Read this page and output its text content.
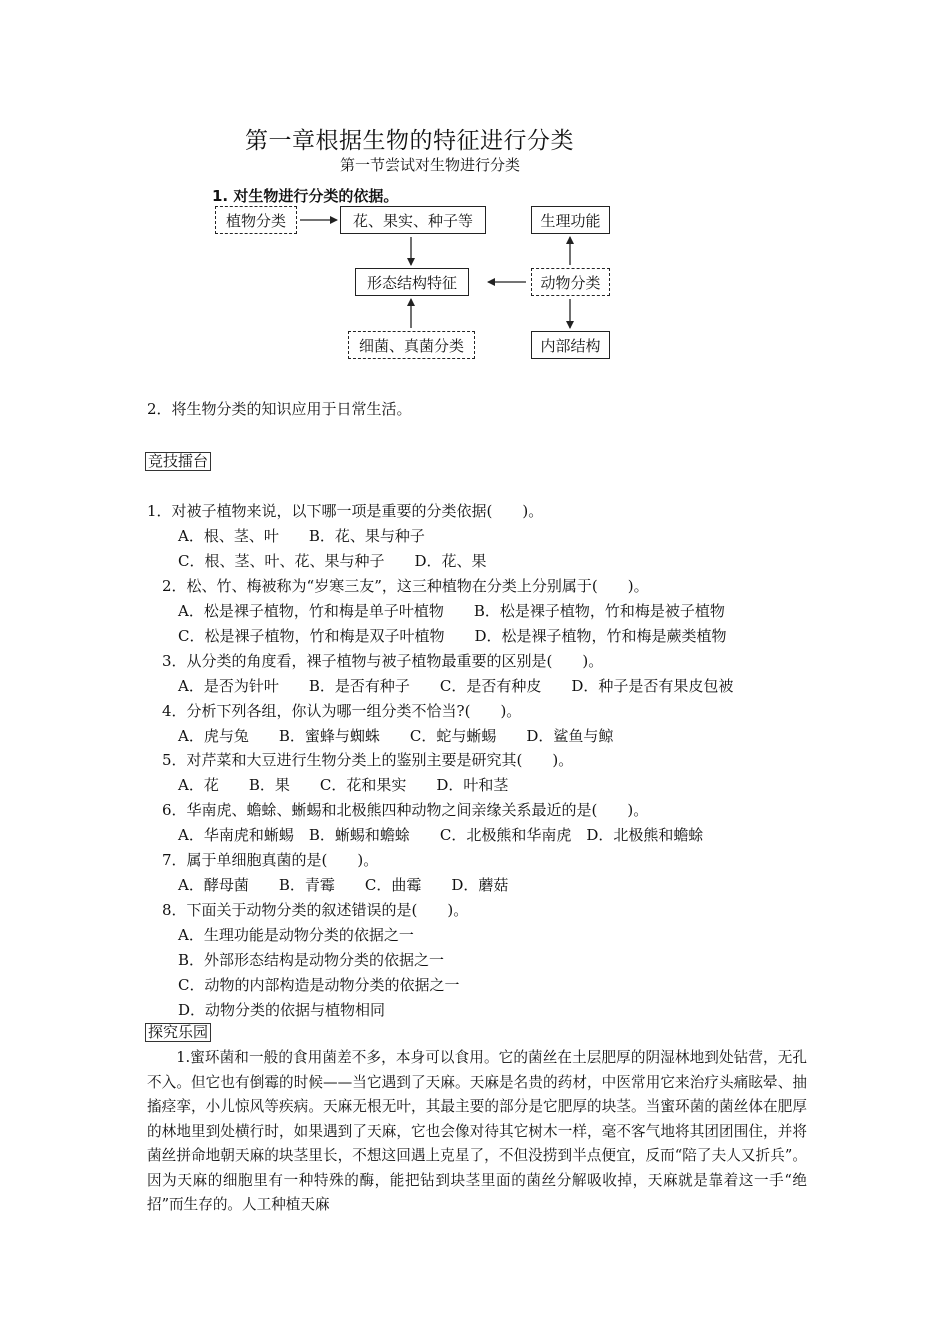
第一章根据生物的特征进行分类
第一节尝试对生物进行分类
1. 对生物进行分类的依据。
植物分类	花、果实、种子等
形态结构特征
细菌、真菌分类
生理功能
动物分类
内部结构
2．将生物分类的知识应用于日常生活。
竞技擂台
1．对被子植物来说，以下哪一项是重要的分类依据(　　)。
A．根、茎、叶　　B．花、果与种子
C．根、茎、叶、花、果与种子　　D．花、果
2．松、竹、梅被称为“岁寒三友”，这三种植物在分类上分别属于(　　)。
A．松是裸子植物，竹和梅是单子叶植物　　B．松是裸子植物，竹和梅是被子植物
C．松是裸子植物，竹和梅是双子叶植物　　D．松是裸子植物，竹和梅是蕨类植物
3．从分类的角度看，裸子植物与被子植物最重要的区别是(　　)。
A．是否为针叶　　B．是否有种子　　C．是否有种皮　　D．种子是否有果皮包被
4．分析下列各组，你认为哪一组分类不恰当?(　　)。
A．虎与兔　　B．蜜蜂与蜘蛛　　C．蛇与蜥蜴　　D．鲨鱼与鲸
5．对芹菜和大豆进行生物分类上的鉴别主要是研究其(　　)。
A．花　　B．果　　C．花和果实　　D．叶和茎
6．华南虎、蟾蜍、蜥蜴和北极熊四种动物之间亲缘关系最近的是(　　)。
A．华南虎和蜥蜴　B．蜥蜴和蟾蜍　　C．北极熊和华南虎　D．北极熊和蟾蜍
7．属于单细胞真菌的是(　　)。
A．酵母菌　　B．青霉　　C．曲霉　　D．蘑菇
8．下面关于动物分类的叙述错误的是(　　)。
A．生理功能是动物分类的依据之一
B．外部形态结构是动物分类的依据之一
C．动物的内部构造是动物分类的依据之一
D．动物分类的依据与植物相同
探究乐园

1.蜜环菌和一般的食用菌差不多，本身可以食用。它的菌丝在土层肥厚的阴湿林地到处钻营，无孔不入。但它也有倒霉的时候——当它遇到了天麻。天麻是名贵的药材，中医常用它来治疗头痛眩晕、抽搐痉挛，小儿惊风等疾病。天麻无根无叶，其最主要的部分是它肥厚的块茎。当蜜环菌的菌丝体在肥厚的林地里到处横行时，如果遇到了天麻，它也会像对待其它树木一样，毫不客气地将其团团围住，并将菌丝拼命地朝天麻的块茎里长，不想这回遇上克星了，不但没捞到半点便宜，反而“陪了夫人又折兵”。因为天麻的细胞里有一种特殊的酶，能把钻到块茎里面的菌丝分解吸收掉，天麻就是靠着这一手“绝招”而生存的。人工种植天麻
